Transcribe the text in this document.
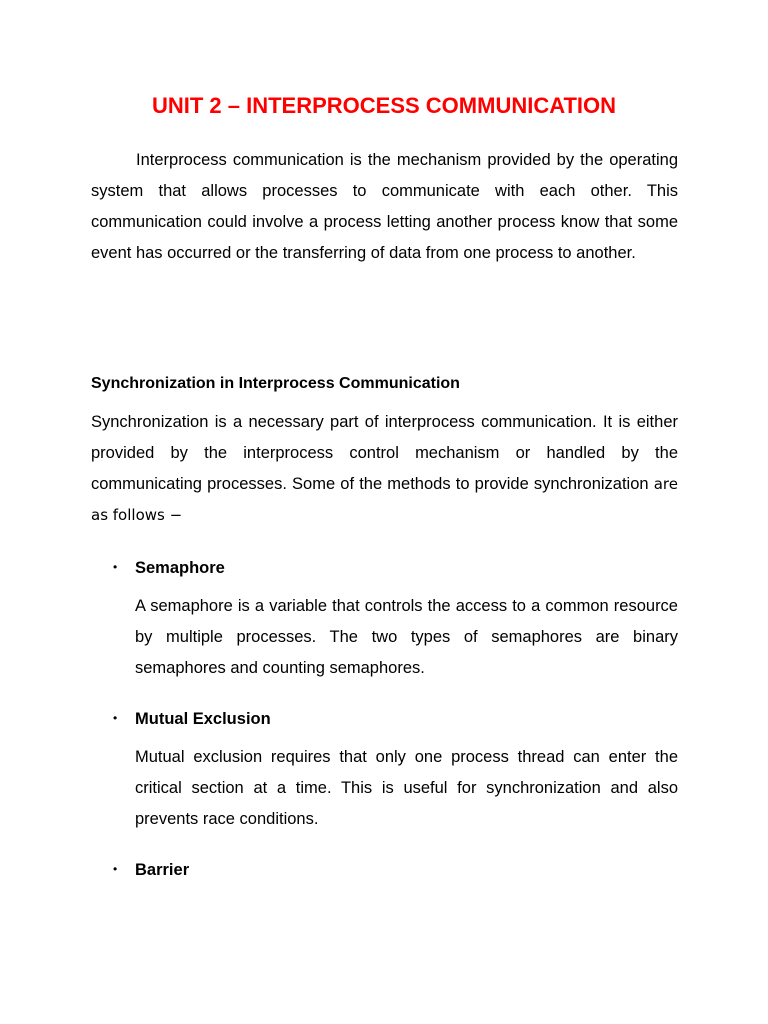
UNIT 2 – INTERPROCESS COMMUNICATION

Interprocess communication is the mechanism provided by the operating system that allows processes to communicate with each other. This communication could involve a process letting another process know that some event has occurred or the transferring of data from one process to another.

Synchronization in Interprocess Communication

Synchronization is a necessary part of interprocess communication. It is either provided by the interprocess control mechanism or handled by the communicating processes. Some of the methods to provide synchronization are as follows −

• Semaphore

A semaphore is a variable that controls the access to a common resource by multiple processes. The two types of semaphores are binary semaphores and counting semaphores.

• Mutual Exclusion

Mutual exclusion requires that only one process thread can enter the critical section at a time. This is useful for synchronization and also prevents race conditions.

• Barrier
